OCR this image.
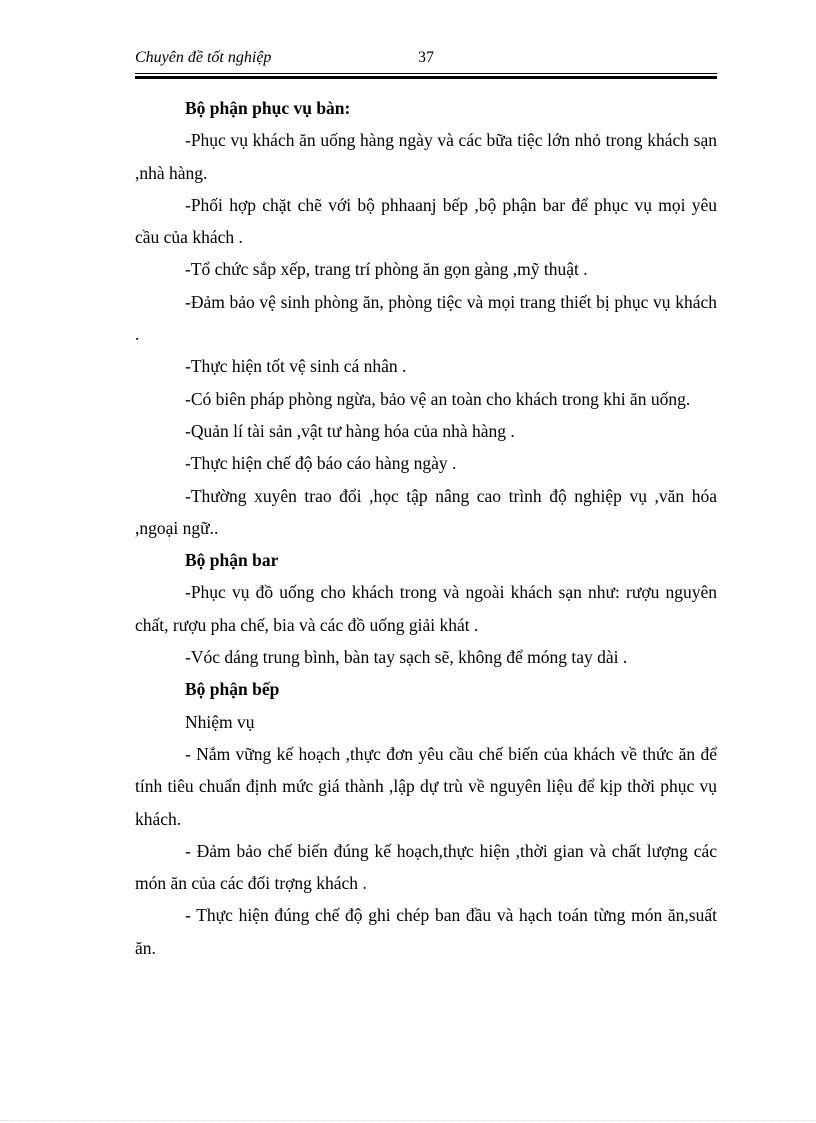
Chuyên đề tốt nghiệp	37

Bộ phận phục vụ bàn:

-Phục vụ khách ăn uống hàng ngày và các bữa tiệc lớn nhỏ trong khách sạn ,nhà hàng.

-Phối hợp chặt chẽ với bộ phhaanj bếp ,bộ phận bar để phục vụ mọi yêu cầu của khách .

-Tổ chức sắp xếp, trang trí phòng ăn gọn gàng ,mỹ thuật .

-Đảm bảo vệ sinh phòng ăn, phòng tiệc và mọi trang thiết bị phục vụ khách .

-Thực hiện tốt vệ sinh cá nhân .

-Có biên pháp phòng ngừa, bảo vệ an toàn cho khách trong khi ăn uống.

-Quản lí tài sản ,vật tư hàng hóa của nhà hàng .

-Thực hiện chế độ báo cáo hàng ngày .

-Thường xuyên trao đổi ,học tập nâng cao trình độ nghiệp vụ ,văn hóa ,ngoại ngữ..

Bộ phận bar

-Phục vụ đồ uống cho khách trong và ngoài khách sạn như: rượu nguyên chất, rượu pha chế, bia và các đồ uống giải khát .

-Vóc dáng trung bình, bàn tay sạch sẽ, không để móng tay dài .

Bộ phận bếp

Nhiệm vụ

- Nắm vững kế hoạch ,thực đơn yêu cầu chế biến của khách về thức ăn để tính tiêu chuẩn định mức giá thành ,lập dự trù về nguyên liệu để kịp thời phục vụ khách.

- Đảm bảo chế biến đúng kế hoạch,thực hiện ,thời gian và chất lượng các món ăn của các đối trợng khách .

- Thực hiện đúng chế độ ghi chép ban đầu và hạch toán từng món ăn,suất ăn.
